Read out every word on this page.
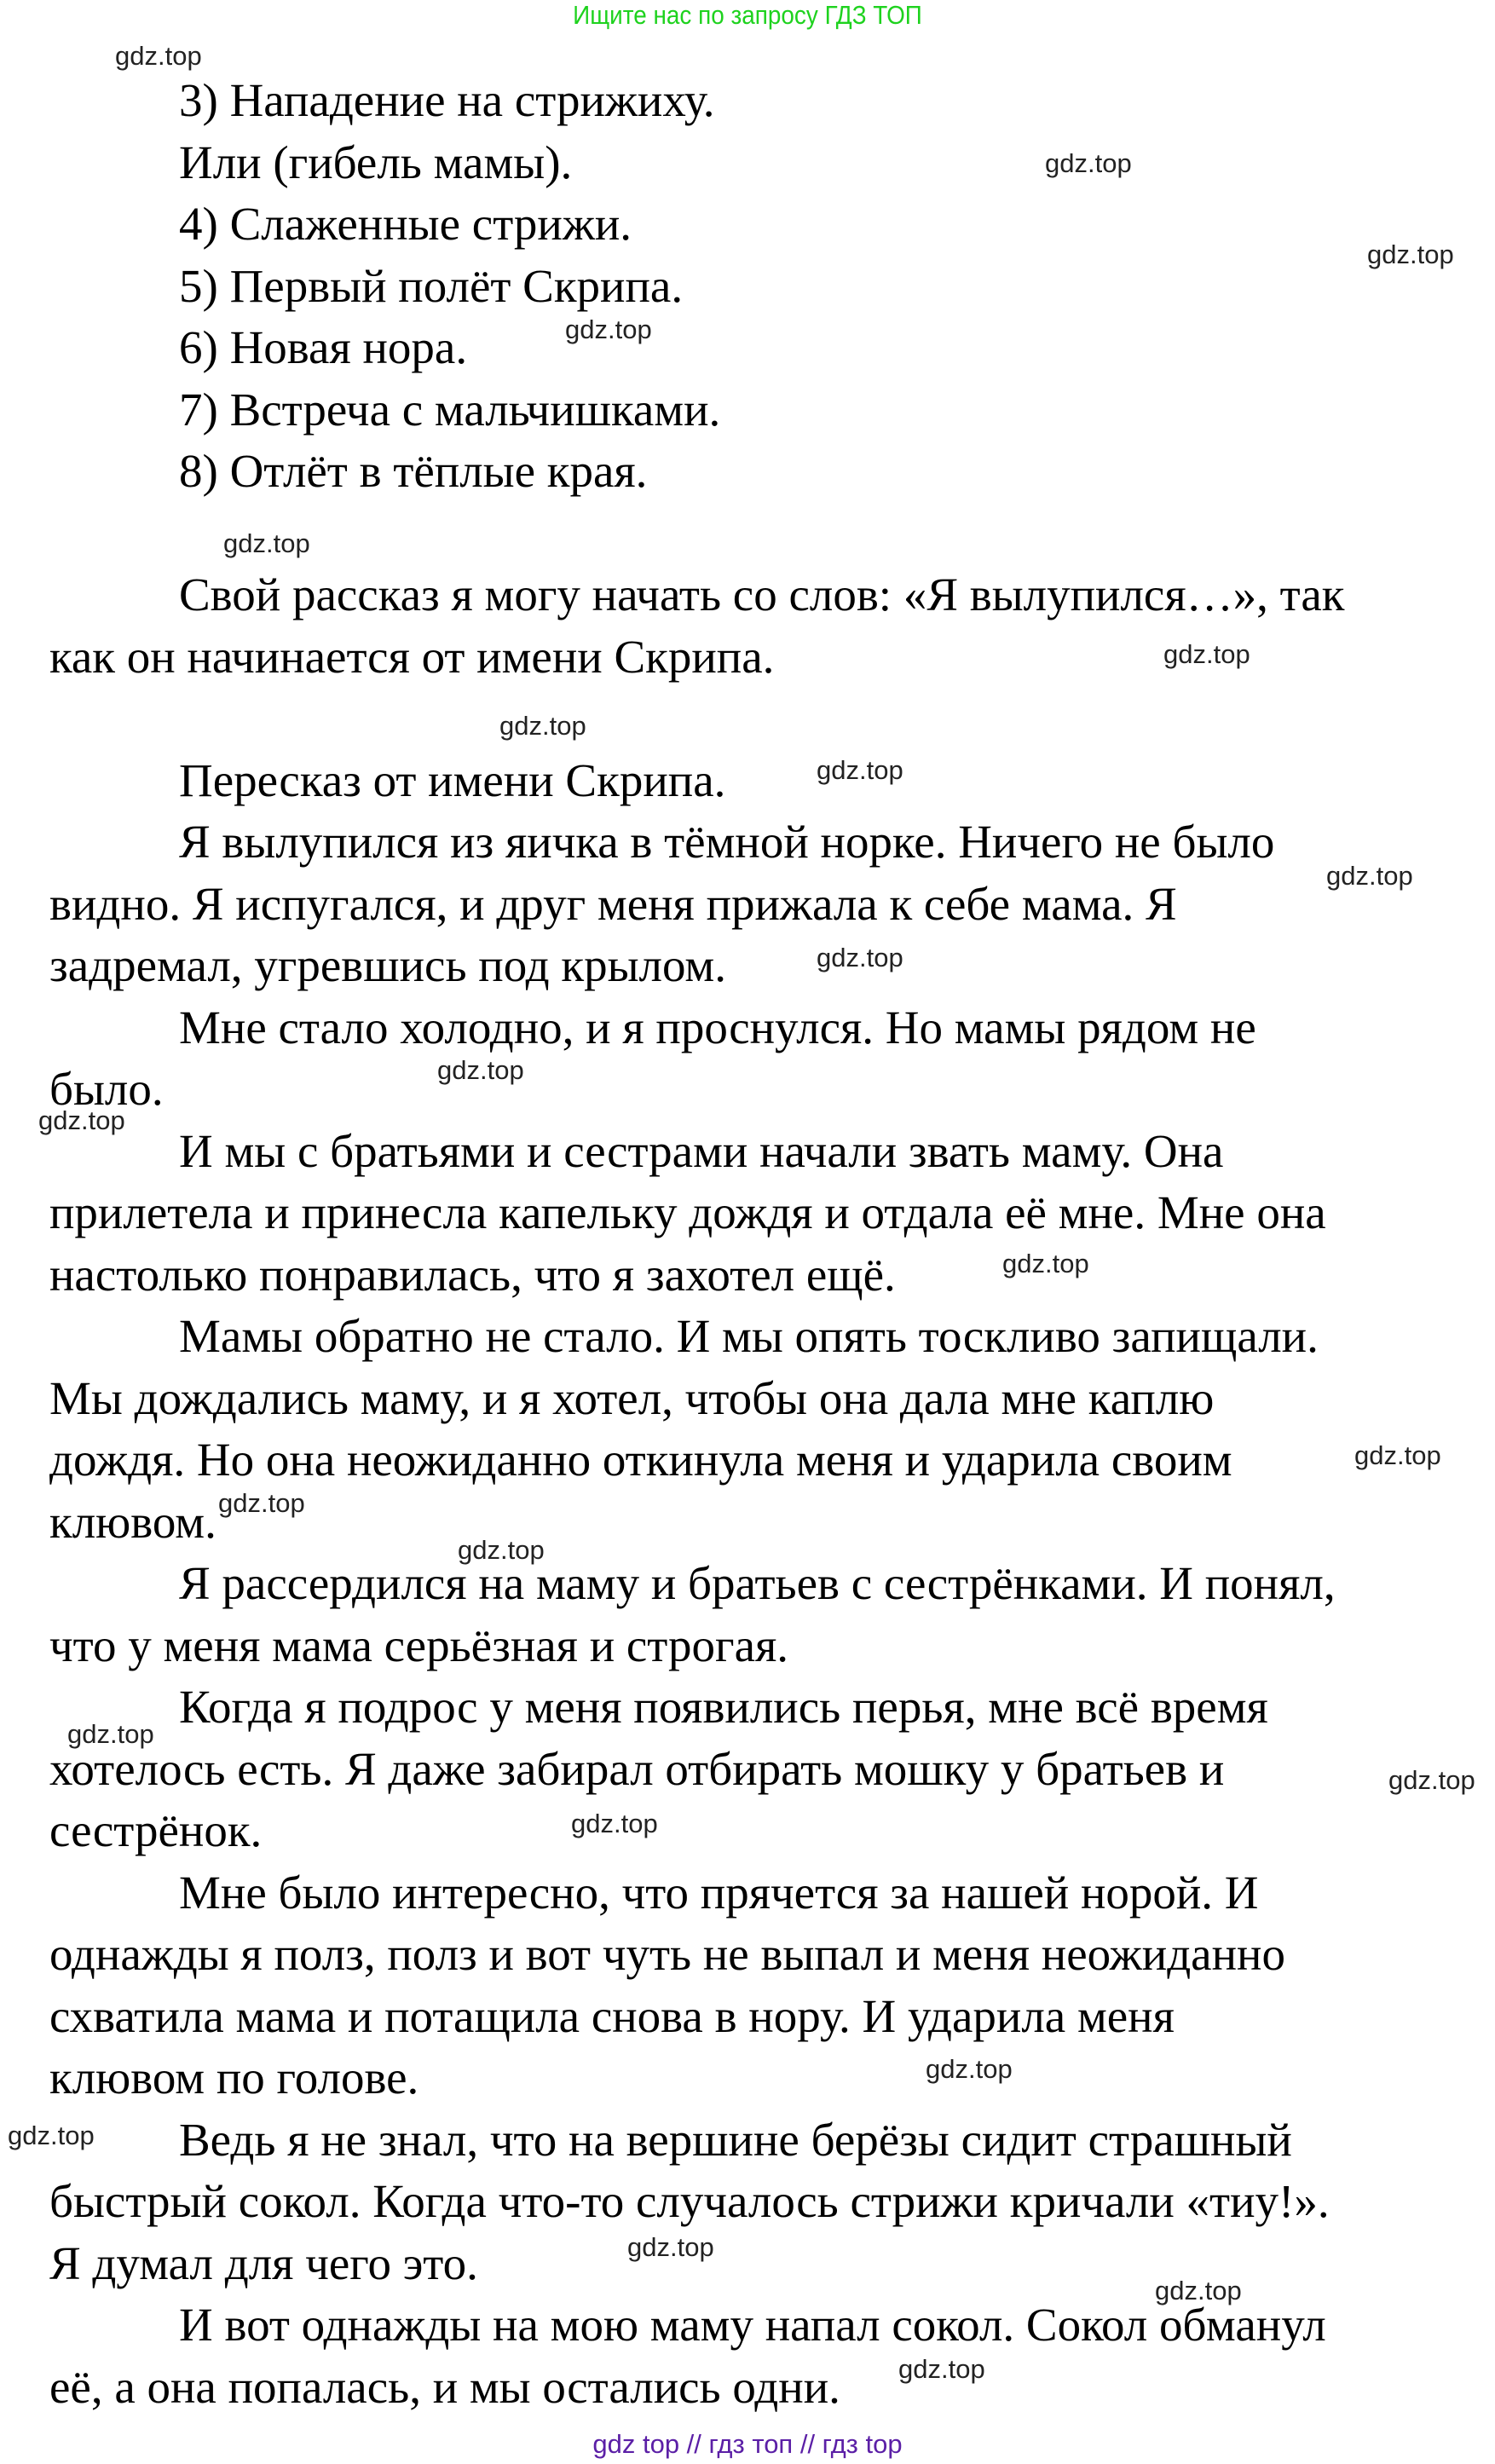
Ищите нас по запросу ГДЗ ТОП
3) Нападение на стрижиху.
Или (гибель мамы).
4) Слаженные стрижи.
5) Первый полёт Скрипа.
6) Новая нора.
7) Встреча с мальчишками.
8) Отлёт в тёплые края.
Свой рассказ я могу начать со слов: «Я вылупился…», так
как он начинается от имени Скрипа.
Пересказ от имени Скрипа.
Я вылупился из яичка в тёмной норке. Ничего не было
видно. Я испугался, и друг меня прижала к себе мама. Я
задремал, угревшись под крылом.
Мне стало холодно, и я проснулся. Но мамы рядом не
было.
И мы с братьями и сестрами начали звать маму. Она
прилетела и принесла капельку дождя и отдала её мне. Мне она
настолько понравилась, что я захотел ещё.
Мамы обратно не стало. И мы опять тоскливо запищали.
Мы дождались маму, и я хотел, чтобы она дала мне каплю
дождя. Но она неожиданно откинула меня и ударила своим
клювом.
Я рассердился на маму и братьев с сестрёнками. И понял,
что у меня мама серьёзная и строгая.
Когда я подрос у меня появились перья, мне всё время
хотелось есть. Я даже забирал отбирать мошку у братьев и
сестрёнок.
Мне было интересно, что прячется за нашей норой. И
однажды я полз, полз и вот чуть не выпал и меня неожиданно
схватила мама и потащила снова в нору. И ударила меня
клювом по голове.
Ведь я не знал, что на вершине берёзы сидит страшный
быстрый сокол. Когда что-то случалось стрижи кричали «тиу!».
Я думал для чего это.
И вот однажды на мою маму напал сокол. Сокол обманул
её, а она попалась, и мы остались одни.
gdz.top
gdz.top
gdz.top
gdz.top
gdz.top
gdz.top
gdz.top
gdz.top
gdz.top
gdz.top
gdz.top
gdz.top
gdz.top
gdz.top
gdz.top
gdz.top
gdz.top
gdz.top
gdz.top
gdz.top
gdz.top
gdz.top
gdz.top
gdz.top
gdz top // гдз топ // гдз top
